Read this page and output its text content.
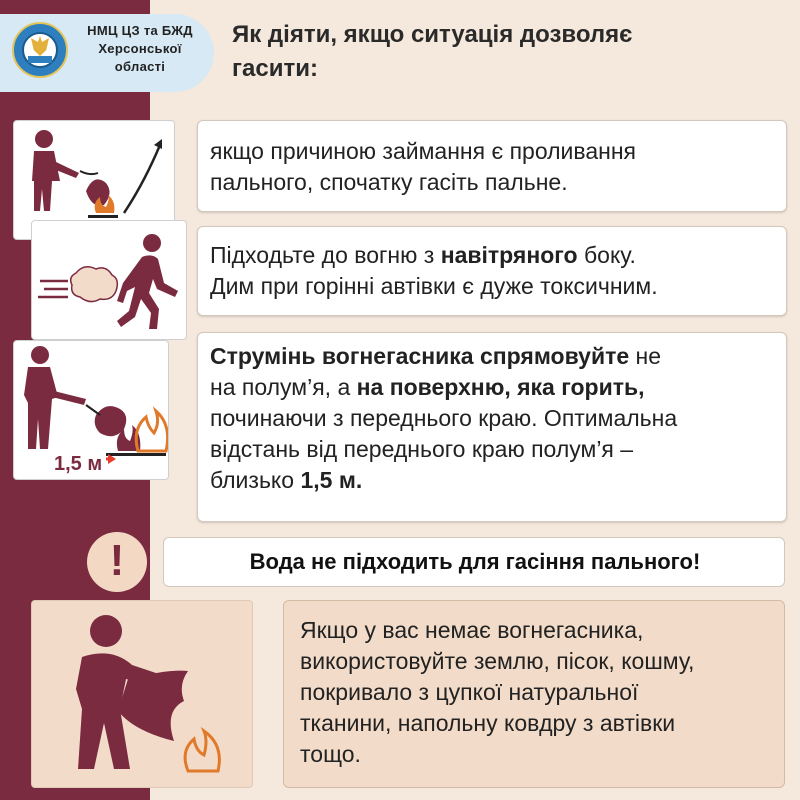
НМЦ ЦЗ та БЖД
Херсонської
області
Як діяти, якщо ситуація дозволяє
гасити:
якщо причиною займання є проливання
пального, спочатку гасіть пальне.
Підходьте до вогню з навітряного боку.
Дим при горінні автівки є дуже токсичним.
1,5 м
Струмінь вогнегасника спрямовуйте не
на полум’я, а на поверхню, яка горить,
починаючи з переднього краю. Оптимальна
відстань від переднього краю полум’я –
близько 1,5 м.
!	Вода не підходить для гасіння пального!
Якщо у вас немає вогнегасника,
використовуйте землю, пісок, кошму,
покривало з цупкої натуральної
тканини, напольну ковдру з автівки
тощо.
